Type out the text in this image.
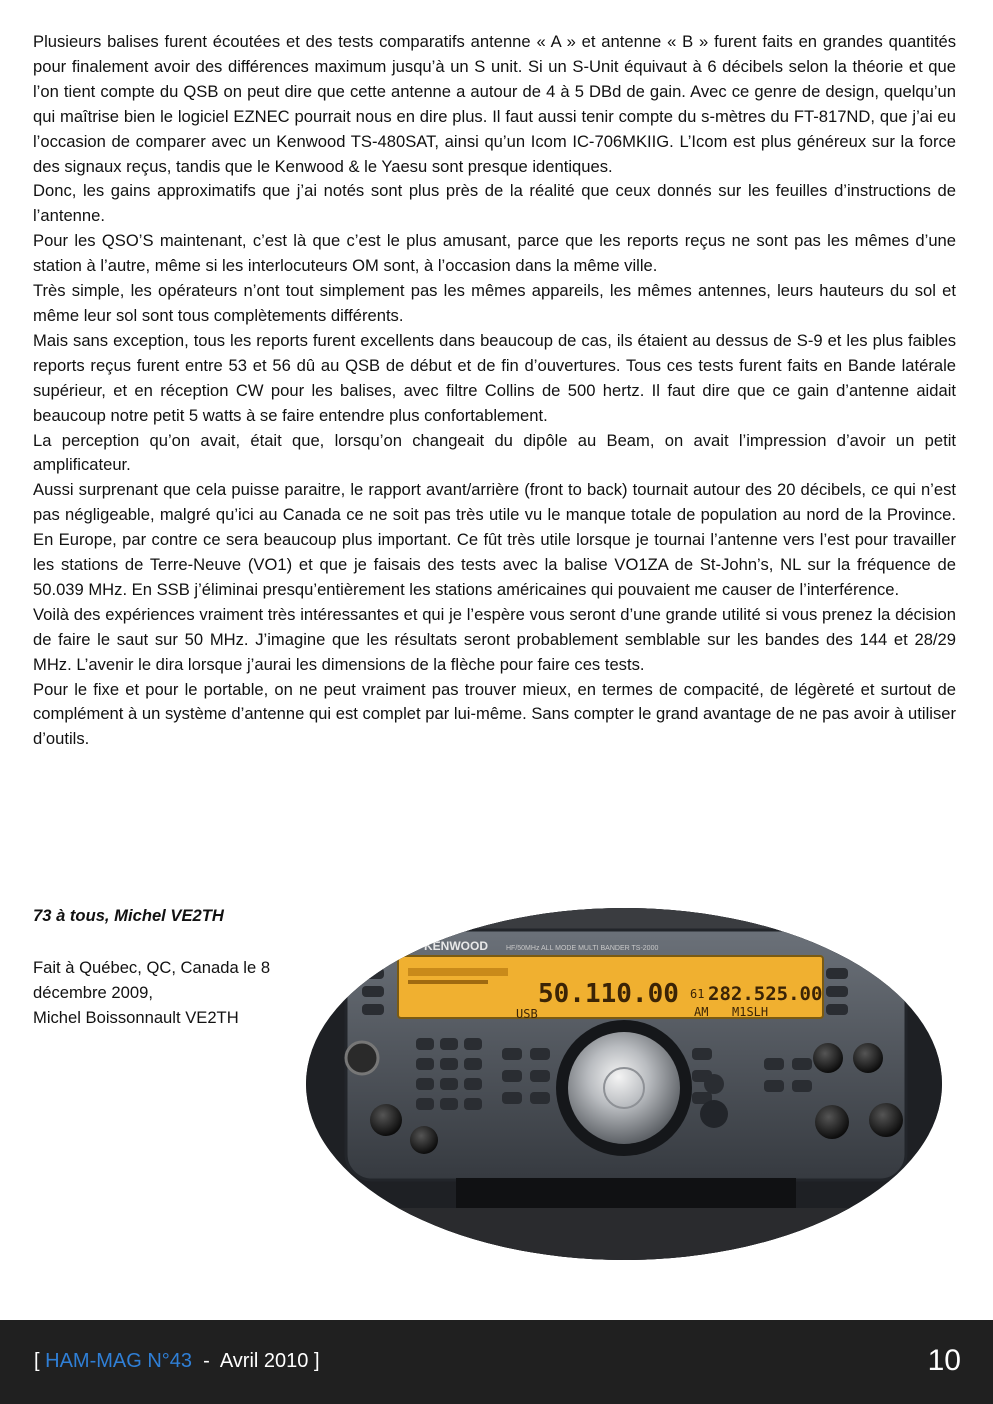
Plusieurs balises furent écoutées et des tests comparatifs antenne « A » et antenne « B » furent faits en grandes quantités pour finalement avoir des différences maximum jusqu’à un S unit. Si un S-Unit équivaut à 6 décibels selon la théorie et que l’on tient compte du QSB on peut dire que cette antenne a autour de 4 à 5 DBd de gain. Avec ce genre de design, quelqu’un qui maîtrise bien le logiciel EZNEC pourrait nous en dire plus. Il faut aussi tenir compte du s-mètres du FT-817ND, que j’ai eu l’occasion de comparer avec un Kenwood TS-480SAT, ainsi qu’un Icom IC-706MKIIG. L’Icom est plus généreux sur la force des signaux reçus, tandis que le Kenwood & le Yaesu sont presque identiques.

Donc, les gains approximatifs que j’ai notés sont plus près de la réalité que ceux donnés sur les feuilles d’instructions de l’antenne.

Pour les QSO’S maintenant, c’est là que c’est le plus amusant, parce que les reports reçus ne sont pas les mêmes d’une station à l’autre, même si les interlocuteurs OM sont, à l’occasion dans la même ville.

Très simple, les opérateurs n’ont tout simplement pas les mêmes appareils, les mêmes antennes, leurs hauteurs du sol et même leur sol sont tous complètements différents.

Mais sans exception, tous les reports furent excellents dans beaucoup de cas, ils étaient au dessus de S-9 et les plus faibles reports reçus furent entre 53 et 56 dû au QSB de début et de fin d’ouvertures. Tous ces tests furent faits en Bande latérale supérieur, et en réception CW pour les balises, avec filtre Collins de 500 hertz. Il faut dire que ce gain d’antenne aidait beaucoup notre petit 5 watts à se faire entendre plus confortablement.

La perception qu’on avait, était que, lorsqu’on changeait du dipôle au Beam, on avait l’impression d’avoir un petit amplificateur.

Aussi surprenant que cela puisse paraitre, le rapport avant/arrière (front to back) tournait autour des 20 décibels, ce qui n’est pas négligeable, malgré qu’ici au Canada ce ne soit pas très utile vu le manque totale de population au nord de la Province. En Europe, par contre ce sera beaucoup plus important. Ce fût très utile lorsque je tournai l’antenne vers l’est pour travailler les stations de Terre-Neuve (VO1) et que je faisais des tests avec la balise VO1ZA de St-John’s, NL sur la fréquence de 50.039 MHz. En SSB j’éliminai presqu’entièrement les stations américaines qui pouvaient me causer de l’interférence.

Voilà des expériences vraiment très intéressantes et qui je l’espère vous seront d’une grande utilité si vous prenez la décision de faire le saut sur 50 MHz. J’imagine que les résultats seront probablement semblable sur les bandes des 144 et 28/29 MHz. L’avenir le dira lorsque j’aurai les dimensions de la flèche pour faire ces tests.

Pour le fixe et pour le portable, on ne peut vraiment pas trouver mieux, en termes de compacité, de légèreté et surtout de complément à un système d’antenne qui est complet par lui-même. Sans compter le grand avantage de ne pas avoir à utiliser d’outils.

73 à tous, Michel VE2TH
Fait à Québec, QC, Canada le 8
décembre 2009,
Michel Boissonnault VE2TH
KENWOOD	HF/50MHz ALL MODE MULTI BANDER TS-2000
50.110.00
USB
61 282.525.00
AM M1SLH
[ HAM-MAG N°43  -  Avril 2010 ]	10
